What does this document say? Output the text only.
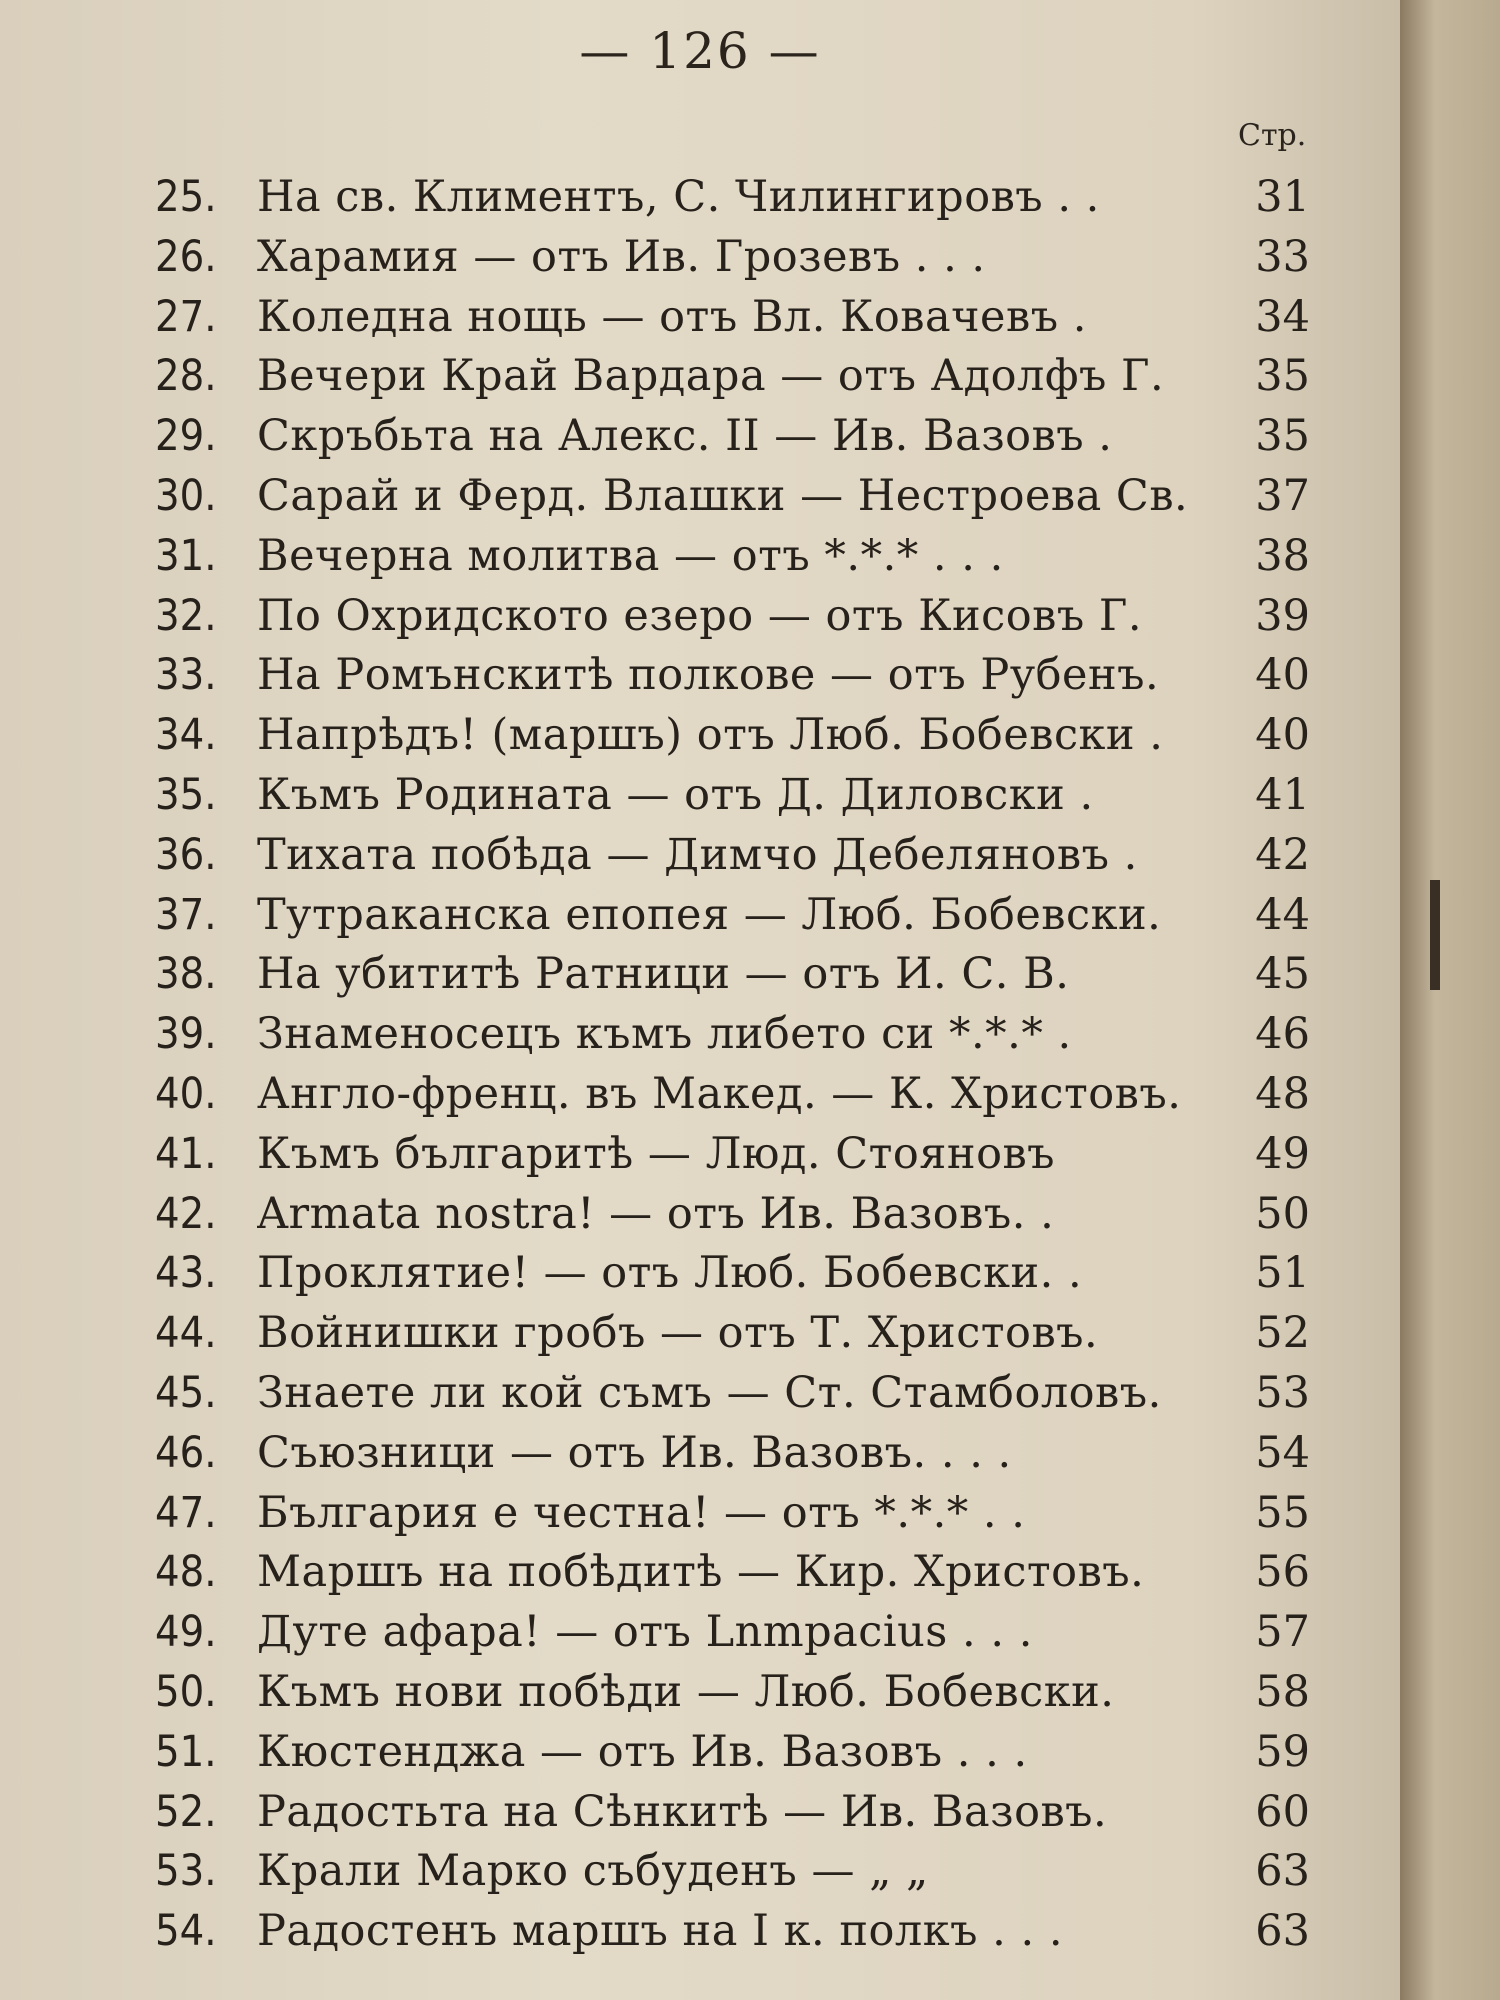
— 126 —
Стр.
25. На св. Климентъ, С. Чилингировъ . .	31
26. Харамия — отъ Ив. Грозевъ . . .	33
27. Коледна нощь — отъ Вл. Ковачевъ .	34
28. Вечери Край Вардара — отъ Адолфъ Г.	35
29. Скръбьта на Алекс. II — Ив. Вазовъ .	35
30. Сарай и Ферд. Влашки — Нестроева Св.	37
31. Вечерна молитва — отъ *.*.* . . .	38
32. По Охридското езеро — отъ Кисовъ Г.	39
33. На Ромънскитѣ полкове — отъ Рубенъ.	40
34. Напрѣдъ! (маршъ) отъ Люб. Бобевски .	40
35. Къмъ Родината — отъ Д. Диловски .	41
36. Тихата побѣда — Димчо Дебеляновъ .	42
37. Тутраканска епопея — Люб. Бобевски.	44
38. На убититѣ Ратници — отъ И. С. В.	45
39. Знаменосецъ къмъ либето си *.*.* .	46
40. Англо-френц. въ Макед. — К. Христовъ.	48
41. Къмъ българитѣ — Люд. Стояновъ	49
42. Armata nostra! — отъ Ив. Вазовъ. .	50
43. Проклятие! — отъ Люб. Бобевски. .	51
44. Войнишки гробъ — отъ Т. Христовъ.	52
45. Знаете ли кой съмъ — Ст. Стамболовъ.	53
46. Съюзници — отъ Ив. Вазовъ. . . .	54
47. България е честна! — отъ *.*.* . .	55
48. Маршъ на побѣдитѣ — Кир. Христовъ.	56
49. Дуте афара! — отъ Lnmpacius . . .	57
50. Къмъ нови побѣди — Люб. Бобевски.	58
51. Кюстенджа — отъ Ив. Вазовъ . . .	59
52. Радостьта на Сѣнкитѣ — Ив. Вазовъ.	60
53. Крали Марко събуденъ — „ „	63
54. Радостенъ маршъ на I к. полкъ . . .	63
